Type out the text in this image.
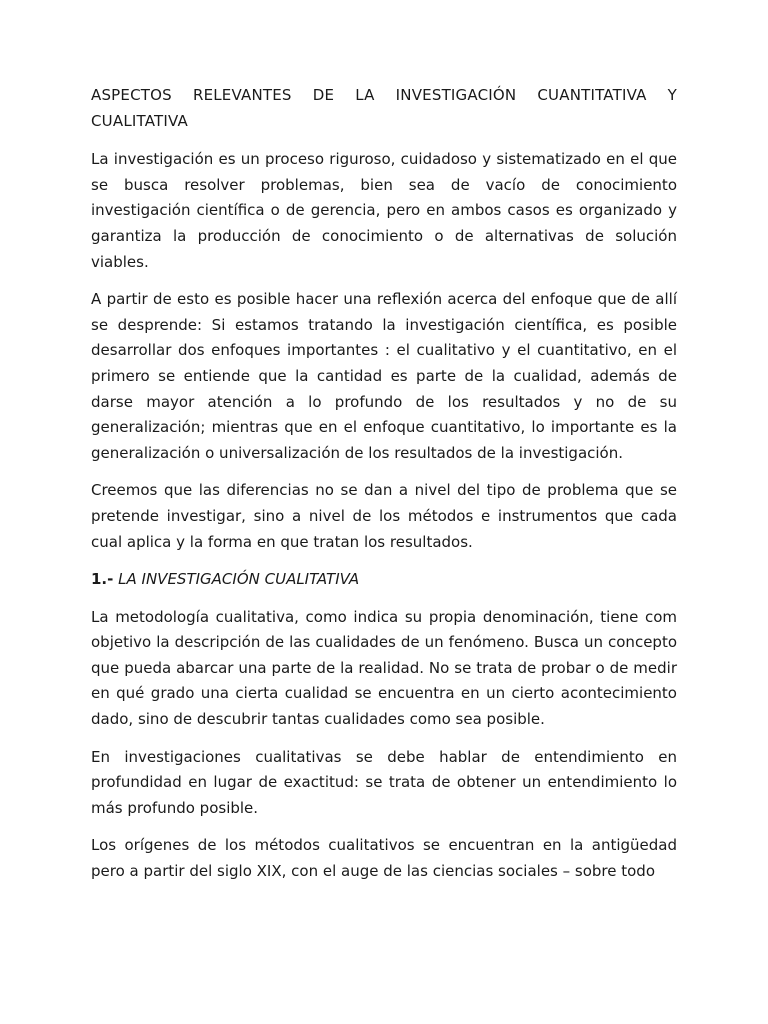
ASPECTOS RELEVANTES DE LA INVESTIGACIÓN CUANTITATIVA Y CUALITATIVA

La investigación es un proceso riguroso, cuidadoso y sistematizado en el que se busca resolver problemas, bien sea de vacío de conocimiento investigación científica o de gerencia, pero en ambos casos es organizado y garantiza la producción de conocimiento o de alternativas de solución viables.

A partir de esto es posible hacer una reflexión acerca del enfoque que de allí se desprende: Si estamos tratando la investigación científica, es posible desarrollar dos enfoques importantes : el cualitativo y el cuantitativo, en el primero se entiende que la cantidad es parte de la cualidad, además de darse mayor atención a lo profundo de los resultados y no de su generalización; mientras que en el enfoque cuantitativo, lo importante es la generalización o universalización de los resultados de la investigación.

Creemos que las diferencias no se dan a nivel del tipo de problema que se pretende investigar, sino a nivel de los métodos e instrumentos que cada cual aplica y la forma en que tratan los resultados.

1.- LA INVESTIGACIÓN CUALITATIVA

La metodología cualitativa, como indica su propia denominación, tiene com objetivo la descripción de las cualidades de un fenómeno. Busca un concepto que pueda abarcar una parte de la realidad. No se trata de probar o de medir en qué grado una cierta cualidad se encuentra en un cierto acontecimiento dado, sino de descubrir tantas cualidades como sea posible.

En investigaciones cualitativas se debe hablar de entendimiento en profundidad en lugar de exactitud: se trata de obtener un entendimiento lo más profundo posible.

Los orígenes de los métodos cualitativos se encuentran en la antigüedad pero a partir del siglo XIX, con el auge de las ciencias sociales – sobre todo
